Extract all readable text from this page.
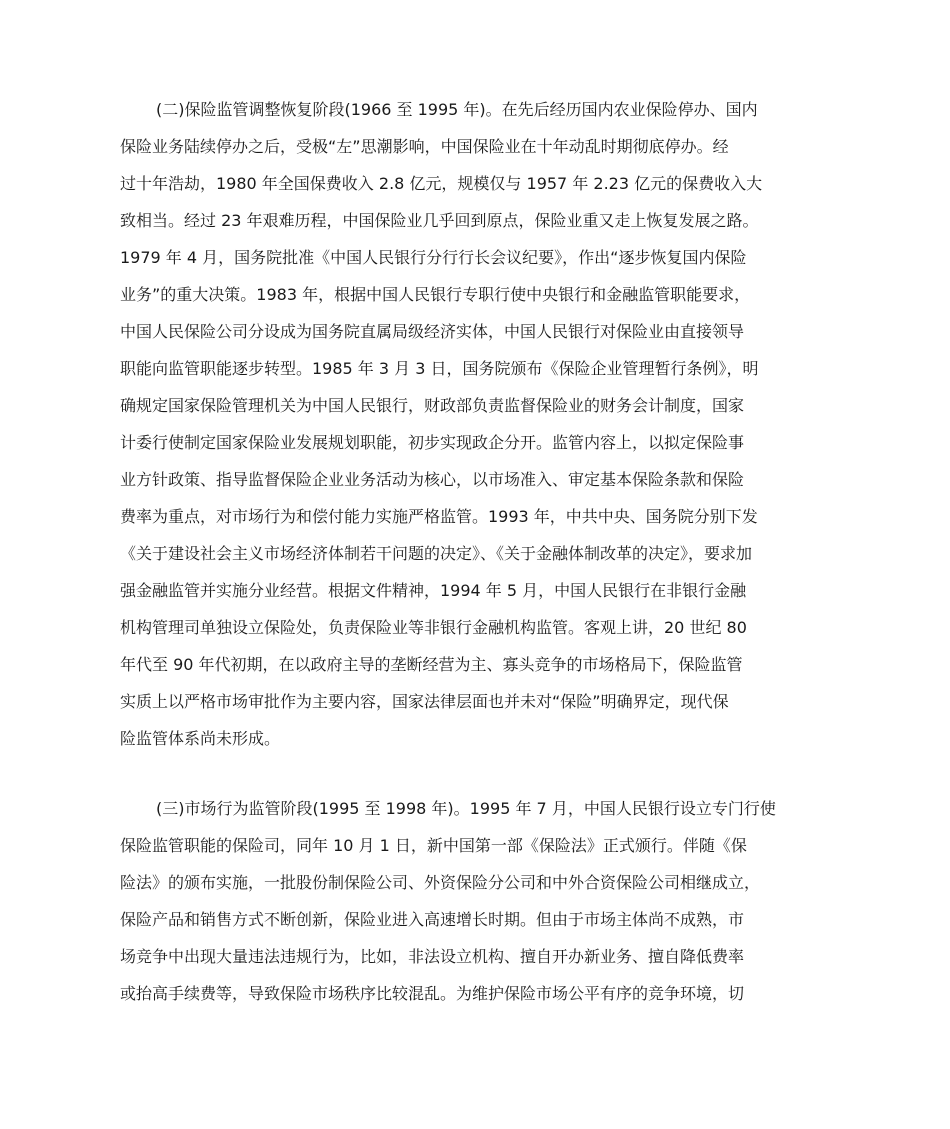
(二)保险监管调整恢复阶段(1966 至 1995 年)。在先后经历国内农业保险停办、国内

保险业务陆续停办之后，受极“左”思潮影响，中国保险业在十年动乱时期彻底停办。经

过十年浩劫，1980 年全国保费收入 2.8 亿元，规模仅与 1957 年 2.23 亿元的保费收入大

致相当。经过 23 年艰难历程，中国保险业几乎回到原点，保险业重又走上恢复发展之路。

1979 年 4 月，国务院批准《中国人民银行分行行长会议纪要》，作出“逐步恢复国内保险

业务”的重大决策。1983 年，根据中国人民银行专职行使中央银行和金融监管职能要求，

中国人民保险公司分设成为国务院直属局级经济实体，中国人民银行对保险业由直接领导

职能向监管职能逐步转型。1985 年 3 月 3 日，国务院颁布《保险企业管理暂行条例》，明

确规定国家保险管理机关为中国人民银行，财政部负责监督保险业的财务会计制度，国家

计委行使制定国家保险业发展规划职能，初步实现政企分开。监管内容上，以拟定保险事

业方针政策、指导监督保险企业业务活动为核心，以市场准入、审定基本保险条款和保险

费率为重点，对市场行为和偿付能力实施严格监管。1993 年，中共中央、国务院分别下发

《关于建设社会主义市场经济体制若干问题的决定》、《关于金融体制改革的决定》，要求加

强金融监管并实施分业经营。根据文件精神，1994 年 5 月，中国人民银行在非银行金融

机构管理司单独设立保险处，负责保险业等非银行金融机构监管。客观上讲，20 世纪 80

年代至 90 年代初期，在以政府主导的垄断经营为主、寡头竞争的市场格局下，保险监管

实质上以严格市场审批作为主要内容，国家法律层面也并未对“保险”明确界定，现代保

险监管体系尚未形成。

(三)市场行为监管阶段(1995 至 1998 年)。1995 年 7 月，中国人民银行设立专门行使

保险监管职能的保险司，同年 10 月 1 日，新中国第一部《保险法》正式颁行。伴随《保

险法》的颁布实施，一批股份制保险公司、外资保险分公司和中外合资保险公司相继成立，

保险产品和销售方式不断创新，保险业进入高速增长时期。但由于市场主体尚不成熟，市

场竞争中出现大量违法违规行为，比如，非法设立机构、擅自开办新业务、擅自降低费率

或抬高手续费等，导致保险市场秩序比较混乱。为维护保险市场公平有序的竞争环境，切
